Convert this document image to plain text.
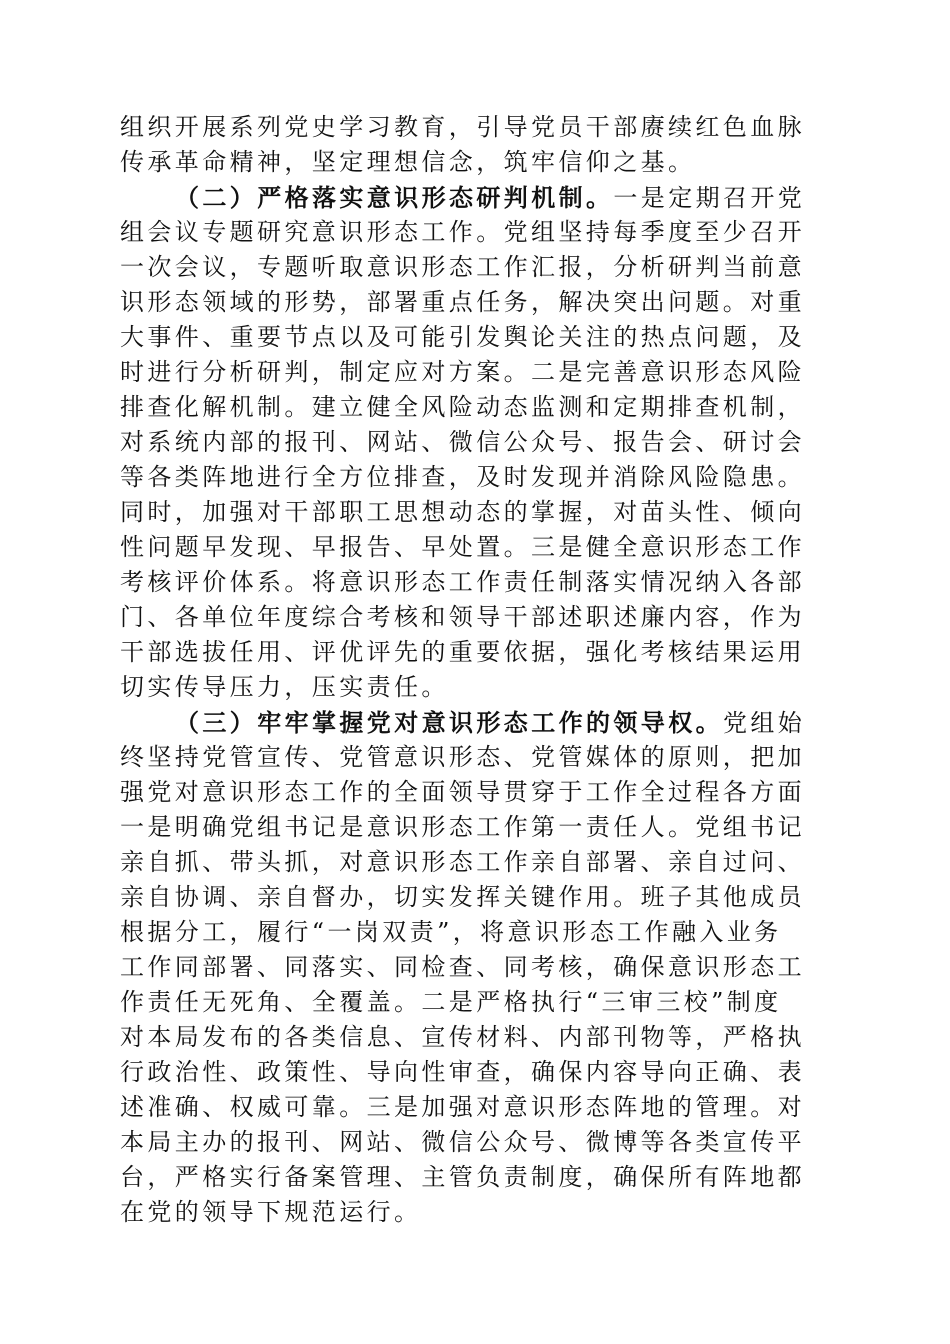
组织开展系列党史学习教育，引导党员干部赓续红色血脉
传承革命精神，坚定理想信念，筑牢信仰之基。
（二）严格落实意识形态研判机制。一是定期召开党
组会议专题研究意识形态工作。党组坚持每季度至少召开
一次会议，专题听取意识形态工作汇报，分析研判当前意
识形态领域的形势，部署重点任务，解决突出问题。对重
大事件、重要节点以及可能引发舆论关注的热点问题，及
时进行分析研判，制定应对方案。二是完善意识形态风险
排查化解机制。建立健全风险动态监测和定期排查机制，
对系统内部的报刊、网站、微信公众号、报告会、研讨会
等各类阵地进行全方位排查，及时发现并消除风险隐患。
同时，加强对干部职工思想动态的掌握，对苗头性、倾向
性问题早发现、早报告、早处置。三是健全意识形态工作
考核评价体系。将意识形态工作责任制落实情况纳入各部
门、各单位年度综合考核和领导干部述职述廉内容，作为
干部选拔任用、评优评先的重要依据，强化考核结果运用
切实传导压力，压实责任。
（三）牢牢掌握党对意识形态工作的领导权。党组始
终坚持党管宣传、党管意识形态、党管媒体的原则，把加
强党对意识形态工作的全面领导贯穿于工作全过程各方面
一是明确党组书记是意识形态工作第一责任人。党组书记
亲自抓、带头抓，对意识形态工作亲自部署、亲自过问、
亲自协调、亲自督办，切实发挥关键作用。班子其他成员
根据分工，履行“一岗双责”，将意识形态工作融入业务
工作同部署、同落实、同检查、同考核，确保意识形态工
作责任无死角、全覆盖。二是严格执行“三审三校”制度
对本局发布的各类信息、宣传材料、内部刊物等，严格执
行政治性、政策性、导向性审查，确保内容导向正确、表
述准确、权威可靠。三是加强对意识形态阵地的管理。对
本局主办的报刊、网站、微信公众号、微博等各类宣传平
台，严格实行备案管理、主管负责制度，确保所有阵地都
在党的领导下规范运行。
